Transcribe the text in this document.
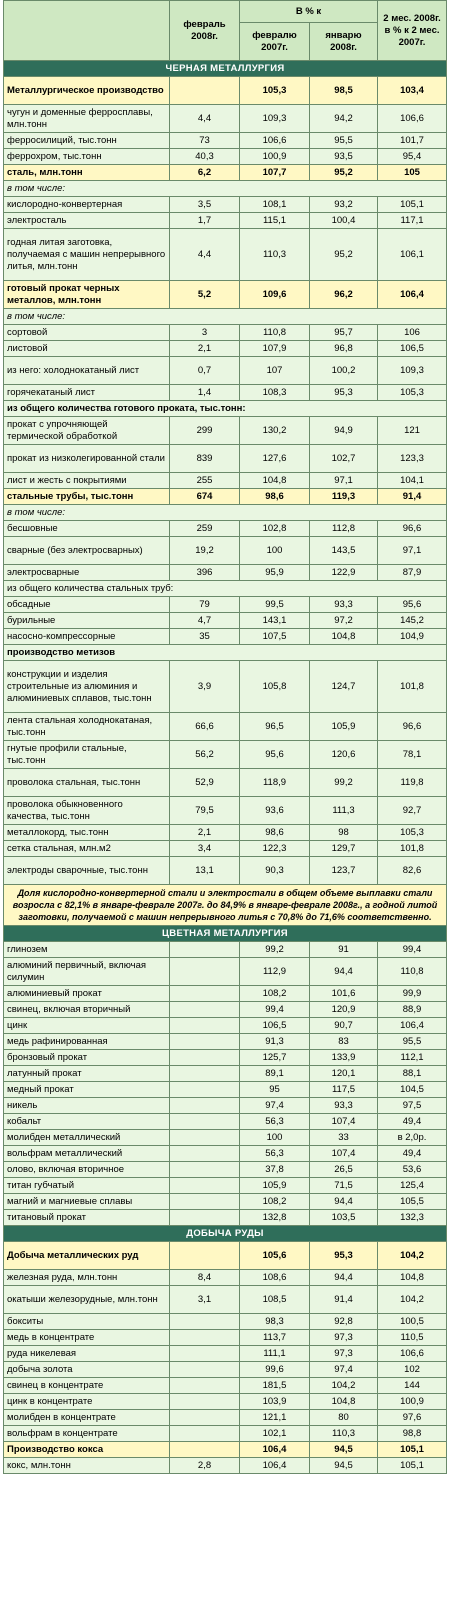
	февраль 2008г.	В % к		2 мес. 2008г. в % к 2 мес. 2007г.
		февралю 2007г.	январю 2008г.	
ЧЕРНАЯ МЕТАЛЛУРГИЯ				
Металлургическое производство		105,3	98,5	103,4
чугун и доменные ферросплавы, млн.тонн	4,4	109,3	94,2	106,6
ферросилиций, тыс.тонн	73	106,6	95,5	101,7
феррохром, тыс.тонн	40,3	100,9	93,5	95,4
сталь, млн.тонн	6,2	107,7	95,2	105
в том числе:				
кислородно-конвертерная	3,5	108,1	93,2	105,1
электросталь	1,7	115,1	100,4	117,1
годная литая заготовка, получаемая с машин непрерывного литья, млн.тонн	4,4	110,3	95,2	106,1
готовый прокат черных металлов, млн.тонн	5,2	109,6	96,2	106,4
в том числе:				
сортовой	3	110,8	95,7	106
листовой	2,1	107,9	96,8	106,5
из него: холоднокатаный лист	0,7	107	100,2	109,3
горячекатаный лист	1,4	108,3	95,3	105,3
из общего количества готового проката, тыс.тонн:				
прокат с упрочняющей термической обработкой	299	130,2	94,9	121
прокат из низколегированной стали	839	127,6	102,7	123,3
лист и жесть с покрытиями	255	104,8	97,1	104,1
стальные трубы, тыс.тонн	674	98,6	119,3	91,4
в том числе:				
бесшовные	259	102,8	112,8	96,6
сварные (без электросварных)	19,2	100	143,5	97,1
электросварные	396	95,9	122,9	87,9
из общего количества стальных труб:				
обсадные	79	99,5	93,3	95,6
бурильные	4,7	143,1	97,2	145,2
насосно-компрессорные	35	107,5	104,8	104,9
производство метизов				
конструкции и изделия строительные из алюминия и алюминиевых сплавов, тыс.тонн	3,9	105,8	124,7	101,8
лента стальная холоднокатаная, тыс.тонн	66,6	96,5	105,9	96,6
гнутые профили стальные, тыс.тонн	56,2	95,6	120,6	78,1
проволока стальная, тыс.тонн	52,9	118,9	99,2	119,8
проволока обыкновенного качества, тыс.тонн	79,5	93,6	111,3	92,7
металлокорд, тыс.тонн	2,1	98,6	98	105,3
сетка стальная, млн.м2	3,4	122,3	129,7	101,8
электроды сварочные, тыс.тонн	13,1	90,3	123,7	82,6
Доля кислородно-конвертерной стали и электростали в общем объеме выплавки стали возросла с 82,1% в январе-феврале 2007г. до 84,9% в январе-феврале 2008г., а годной литой заготовки, получаемой с машин непрерывного литья с 70,8% до 71,6% соответственно.				
ЦВЕТНАЯ МЕТАЛЛУРГИЯ				
глинозем		99,2	91	99,4
алюминий первичный, включая силумин		112,9	94,4	110,8
алюминиевый прокат		108,2	101,6	99,9
свинец, включая вторичный		99,4	120,9	88,9
цинк		106,5	90,7	106,4
медь рафинированная		91,3	83	95,5
бронзовый прокат		125,7	133,9	112,1
латунный прокат		89,1	120,1	88,1
медный прокат		95	117,5	104,5
никель		97,4	93,3	97,5
кобальт		56,3	107,4	49,4
молибден металлический		100	33	в 2,0р.
вольфрам металлический		56,3	107,4	49,4
олово, включая вторичное		37,8	26,5	53,6
титан губчатый		105,9	71,5	125,4
магний и магниевые сплавы		108,2	94,4	105,5
титановый прокат		132,8	103,5	132,3
ДОБЫЧА РУДЫ				
Добыча металлических руд		105,6	95,3	104,2
железная руда, млн.тонн	8,4	108,6	94,4	104,8
окатыши железорудные, млн.тонн	3,1	108,5	91,4	104,2
бокситы		98,3	92,8	100,5
медь в концентрате		113,7	97,3	110,5
руда никелевая		111,1	97,3	106,6
добыча золота		99,6	97,4	102
свинец в концентрате		181,5	104,2	144
цинк в концентрате		103,9	104,8	100,9
молибден в концентрате		121,1	80	97,6
вольфрам в концентрате		102,1	110,3	98,8
Производство кокса		106,4	94,5	105,1
кокс, млн.тонн	2,8	106,4	94,5	105,1
